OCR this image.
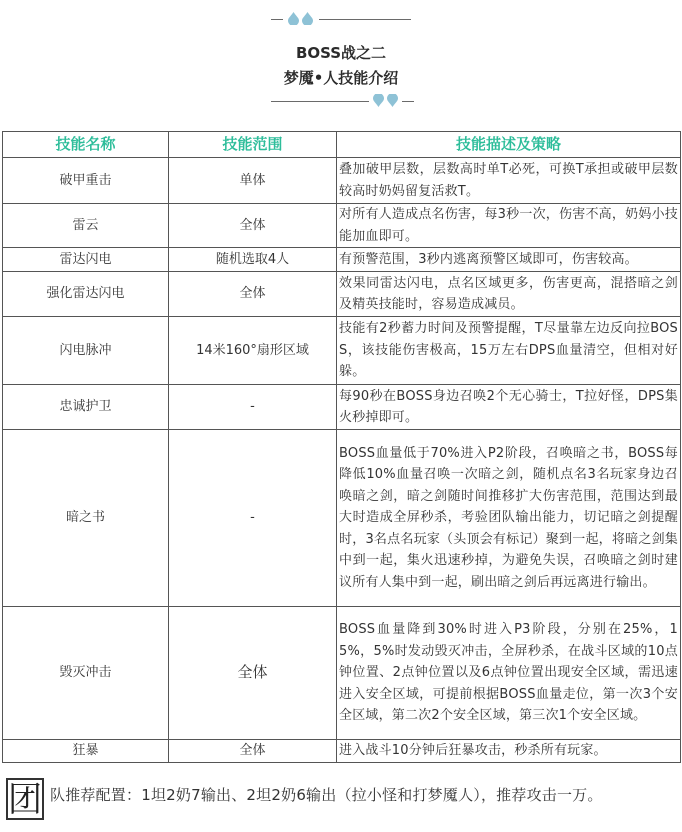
BOSS战之二
梦魇•人技能介绍
技能名称	技能范围	技能描述及策略
破甲重击	单体	叠加破甲层数，层数高时单T必死，可换T承担或破甲层数较高时奶妈留复活救T。
雷云	全体	对所有人造成点名伤害，每3秒一次，伤害不高，奶妈小技能加血即可。
雷达闪电	随机选取4人	有预警范围，3秒内逃离预警区域即可，伤害较高。
强化雷达闪电	全体	效果同雷达闪电，点名区域更多，伤害更高，混搭暗之剑及精英技能时，容易造成减员。
闪电脉冲	14米160°扇形区域	技能有2秒蓄力时间及预警提醒，T尽量靠左边反向拉BOSS，该技能伤害极高，15万左右DPS血量清空，但相对好躲。
忠诚护卫	-	每90秒在BOSS身边召唤2个无心骑士，T拉好怪，DPS集火秒掉即可。
暗之书	-	BOSS血量低于70%进入P2阶段，召唤暗之书，BOSS每降低10%血量召唤一次暗之剑，随机点名3名玩家身边召唤暗之剑，暗之剑随时间推移扩大伤害范围，范围达到最大时造成全屏秒杀，考验团队输出能力，切记暗之剑提醒时，3名点名玩家（头顶会有标记）聚到一起，将暗之剑集中到一起，集火迅速秒掉，为避免失误，召唤暗之剑时建议所有人集中到一起，刷出暗之剑后再远离进行输出。
毁灭冲击	全体	BOSS血量降到30%时进入P3阶段，分别在25%，15%，5%时发动毁灭冲击，全屏秒杀，在战斗区域的10点钟位置、2点钟位置以及6点钟位置出现安全区域，需迅速进入安全区域，可提前根据BOSS血量走位，第一次3个安全区域，第二次2个安全区域，第三次1个安全区域。
狂暴	全体	进入战斗10分钟后狂暴攻击，秒杀所有玩家。
团 队推荐配置：1坦2奶7输出、2坦2奶6输出（拉小怪和打梦魇人），推荐攻击一万。
